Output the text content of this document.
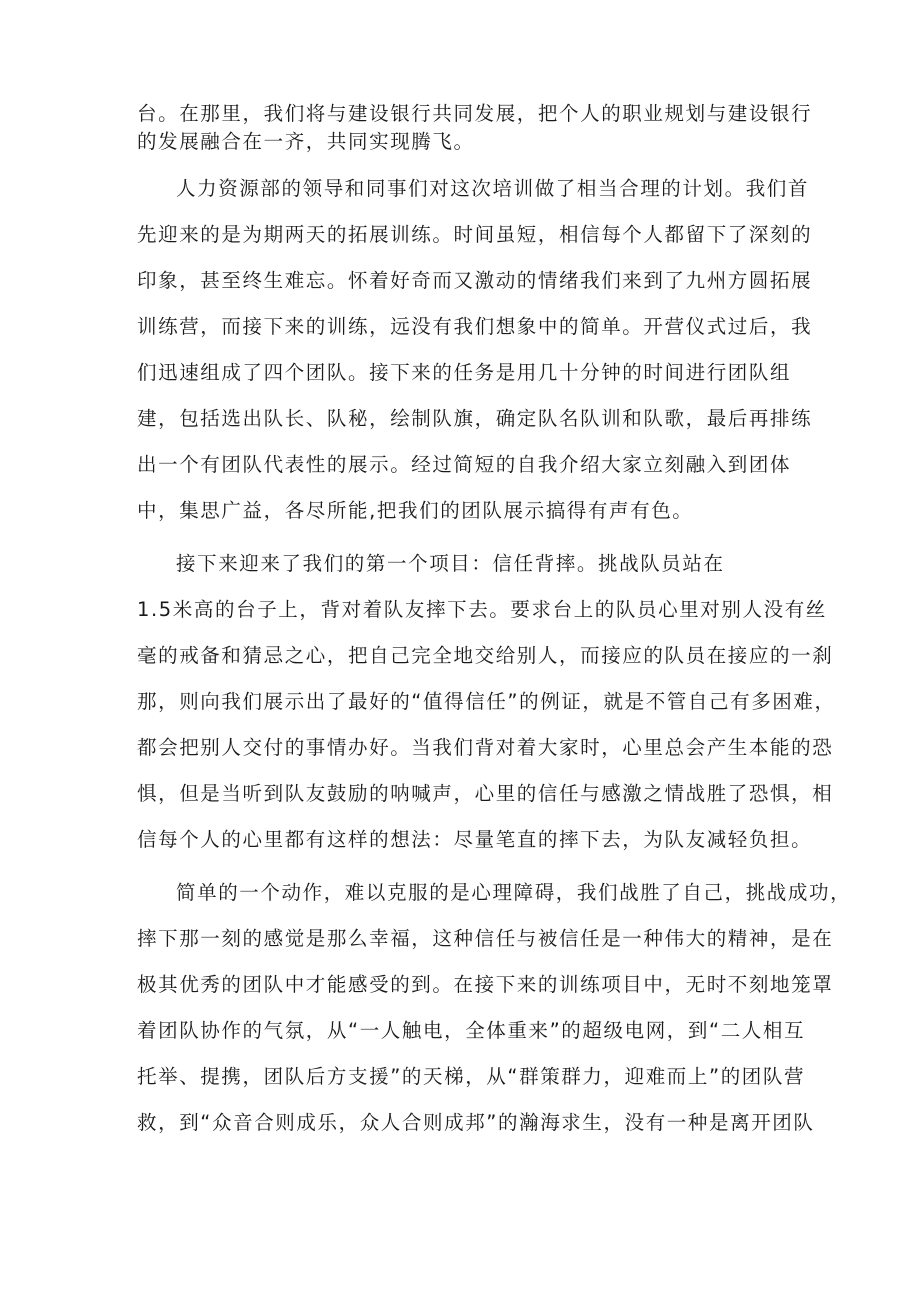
台。在那里，我们将与建设银行共同发展，把个人的职业规划与建设银行
的发展融合在一齐，共同实现腾飞。
人力资源部的领导和同事们对这次培训做了相当合理的计划。我们首
先迎来的是为期两天的拓展训练。时间虽短，相信每个人都留下了深刻的
印象，甚至终生难忘。怀着好奇而又激动的情绪我们来到了九州方圆拓展
训练营，而接下来的训练，远没有我们想象中的简单。开营仪式过后，我
们迅速组成了四个团队。接下来的任务是用几十分钟的时间进行团队组
建，包括选出队长、队秘，绘制队旗，确定队名队训和队歌，最后再排练
出一个有团队代表性的展示。经过简短的自我介绍大家立刻融入到团体
中，集思广益，各尽所能,把我们的团队展示搞得有声有色。
接下来迎来了我们的第一个项目：信任背摔。挑战队员站在
1.5米高的台子上，背对着队友摔下去。要求台上的队员心里对别人没有丝
毫的戒备和猜忌之心，把自己完全地交给别人，而接应的队员在接应的一刹
那，则向我们展示出了最好的“值得信任”的例证，就是不管自己有多困难，
都会把别人交付的事情办好。当我们背对着大家时，心里总会产生本能的恐
惧，但是当听到队友鼓励的呐喊声，心里的信任与感激之情战胜了恐惧，相
信每个人的心里都有这样的想法：尽量笔直的摔下去，为队友减轻负担。
简单的一个动作，难以克服的是心理障碍，我们战胜了自己，挑战成功，
摔下那一刻的感觉是那么幸福，这种信任与被信任是一种伟大的精神，是在
极其优秀的团队中才能感受的到。在接下来的训练项目中，无时不刻地笼罩
着团队协作的气氛，从“一人触电，全体重来”的超级电网，到“二人相互
托举、提携，团队后方支援”的天梯，从“群策群力，迎难而上”的团队营
救，到“众音合则成乐，众人合则成邦”的瀚海求生，没有一种是离开团队
